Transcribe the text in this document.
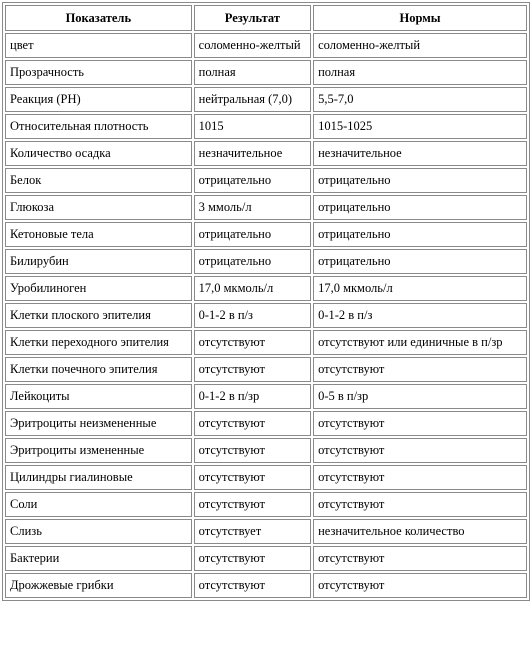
Показатель	Результат	Нормы
цвет	соломенно-желтый	соломенно-желтый
Прозрачность	полная	полная
Реакция (PH)	нейтральная (7,0)	5,5-7,0
Относительная плотность	1015	1015-1025
Количество осадка	незначительное	незначительное
Белок	отрицательно	отрицательно
Глюкоза	3 ммоль/л	отрицательно
Кетоновые тела	отрицательно	отрицательно
Билирубин	отрицательно	отрицательно
Уробилиноген	17,0 мкмоль/л	17,0 мкмоль/л
Клетки плоского эпителия	0-1-2 в п/з	0-1-2 в п/з
Клетки переходного эпителия	отсутствуют	отсутствуют или единичные в п/зр
Клетки почечного эпителия	отсутствуют	отсутствуют
Лейкоциты	0-1-2 в п/зр	0-5 в п/зр
Эритроциты неизмененные	отсутствуют	отсутствуют
Эритроциты измененные	отсутствуют	отсутствуют
Цилиндры гиалиновые	отсутствуют	отсутствуют
Соли	отсутствуют	отсутствуют
Слизь	отсутствует	незначительное количество
Бактерии	отсутствуют	отсутствуют
Дрожжевые грибки	отсутствуют	отсутствуют
